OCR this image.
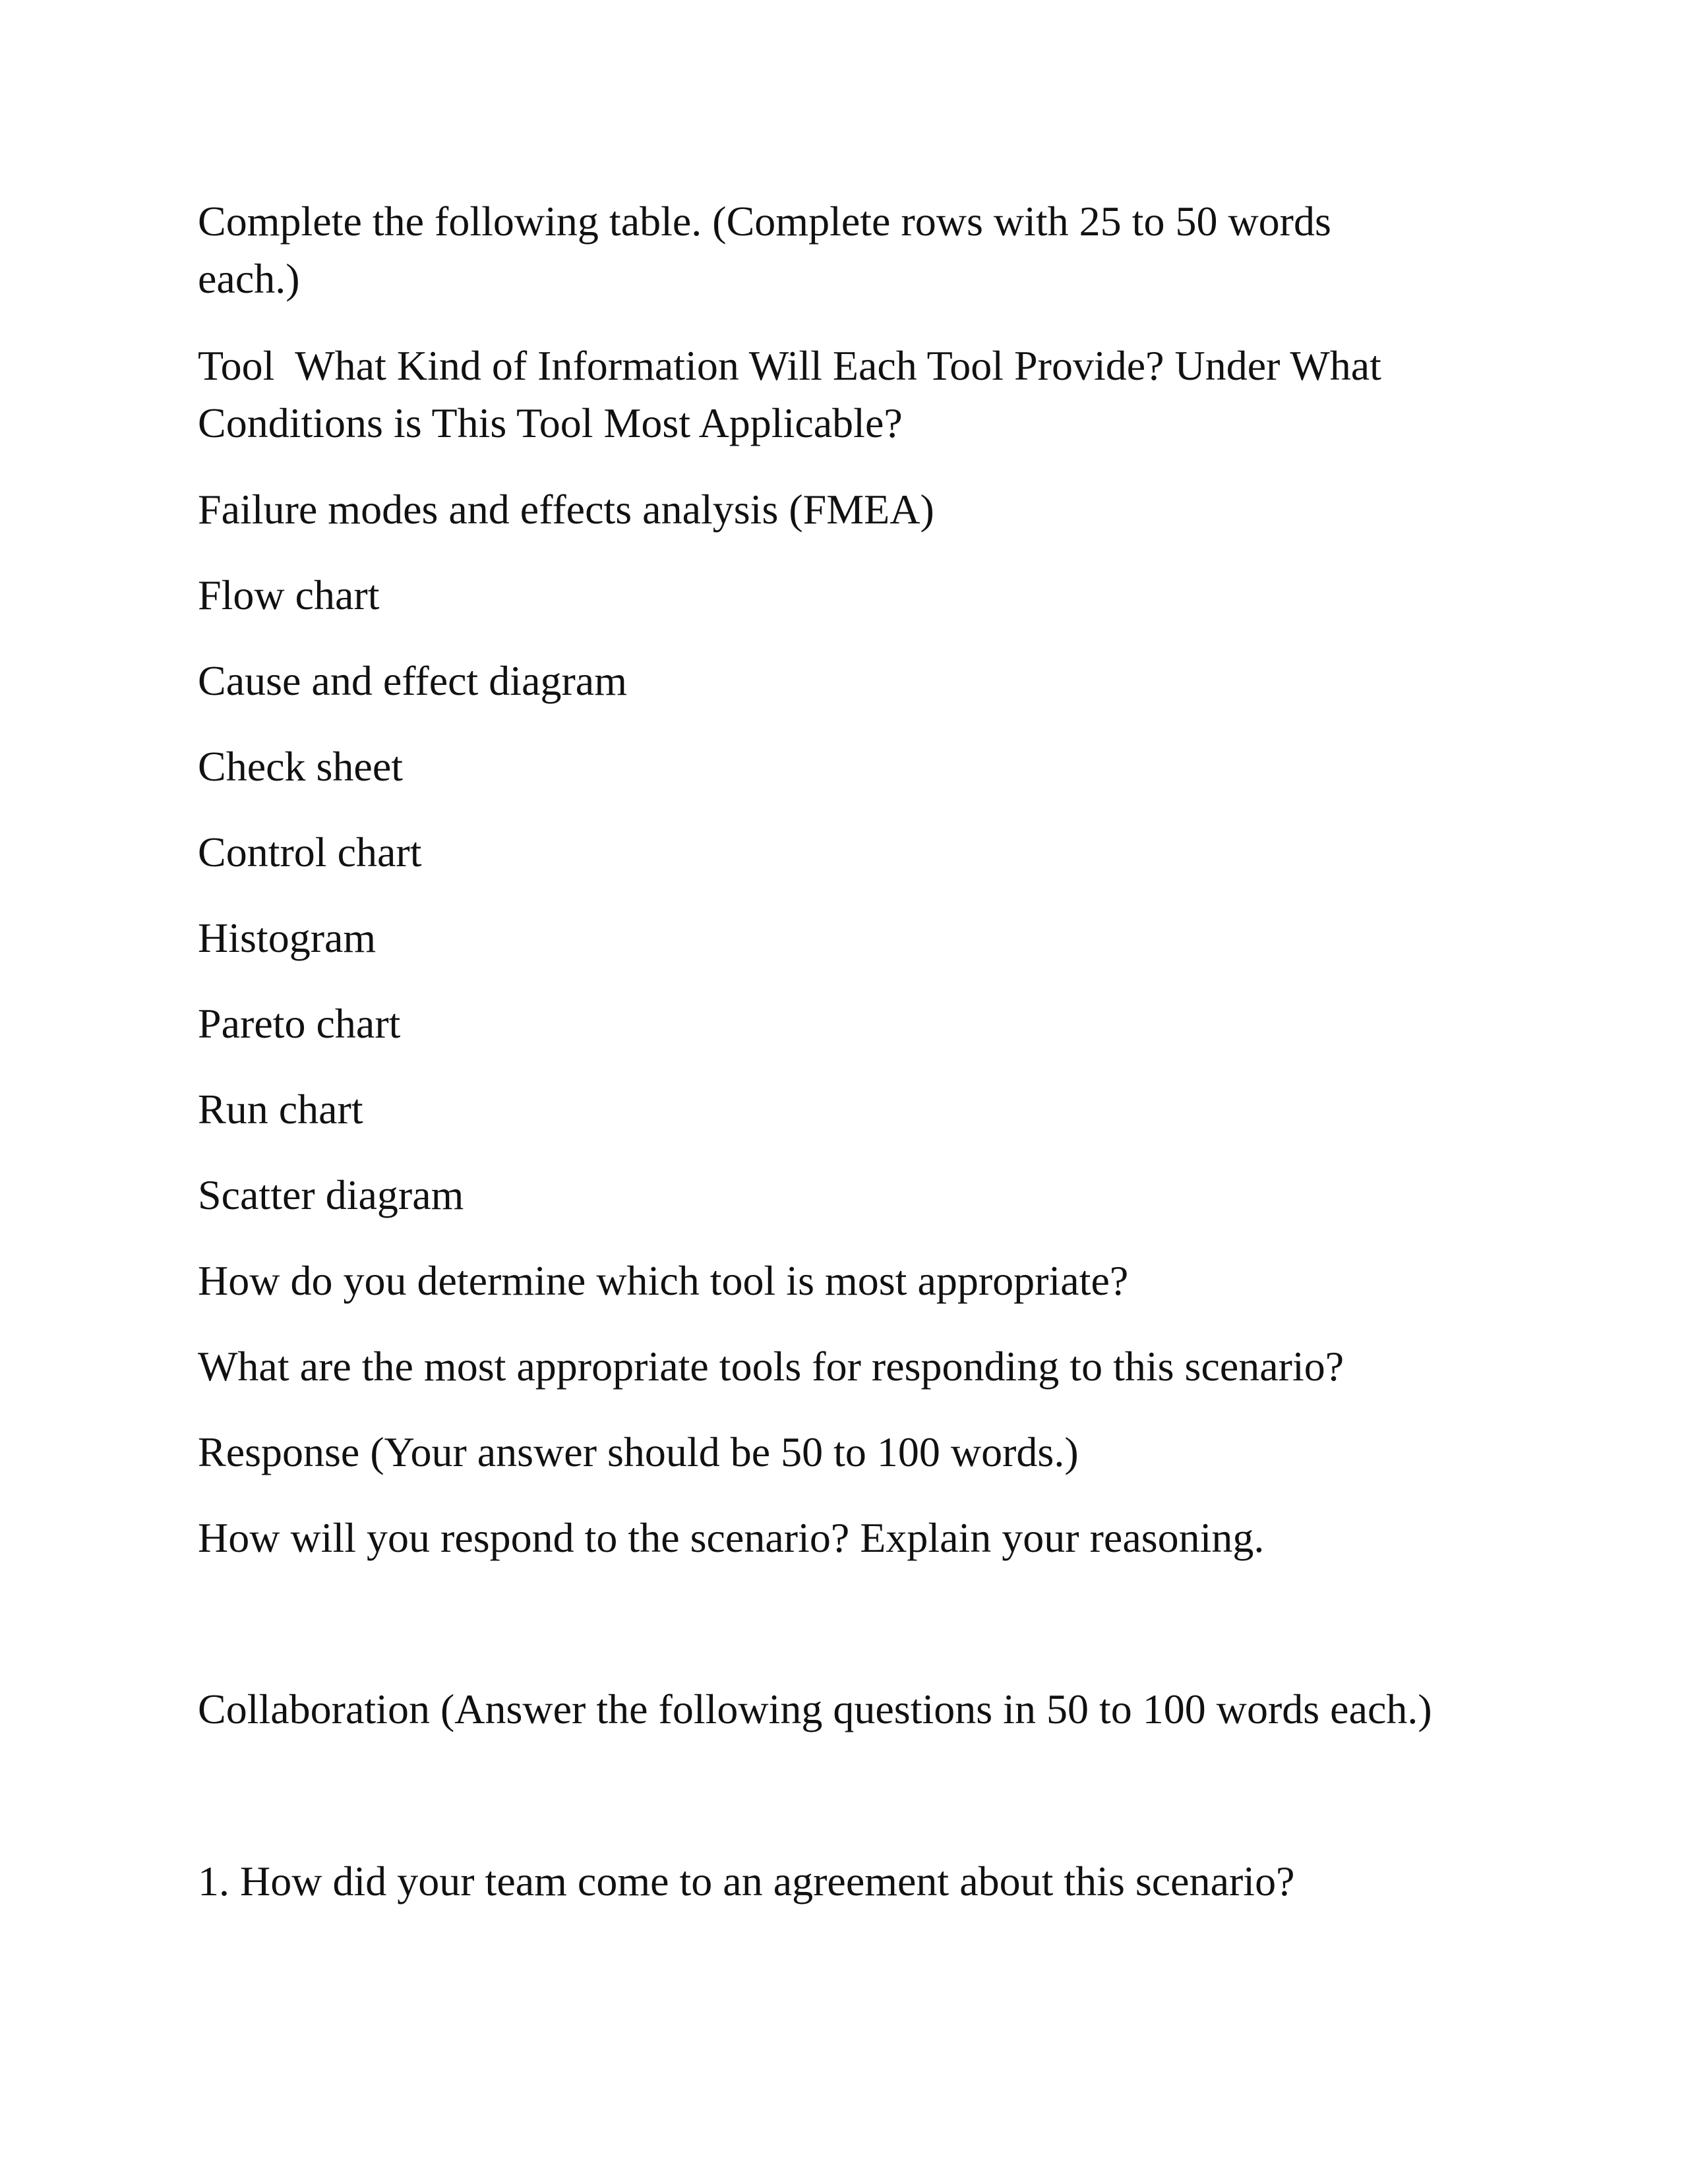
Complete the following table. (Complete rows with 25 to 50 words
each.)

Tool  What Kind of Information Will Each Tool Provide? Under What
Conditions is This Tool Most Applicable?

Failure modes and effects analysis (FMEA)

Flow chart

Cause and effect diagram

Check sheet

Control chart

Histogram

Pareto chart

Run chart

Scatter diagram

How do you determine which tool is most appropriate?

What are the most appropriate tools for responding to this scenario?

Response (Your answer should be 50 to 100 words.)

How will you respond to the scenario? Explain your reasoning.

Collaboration (Answer the following questions in 50 to 100 words each.)

1. How did your team come to an agreement about this scenario?
